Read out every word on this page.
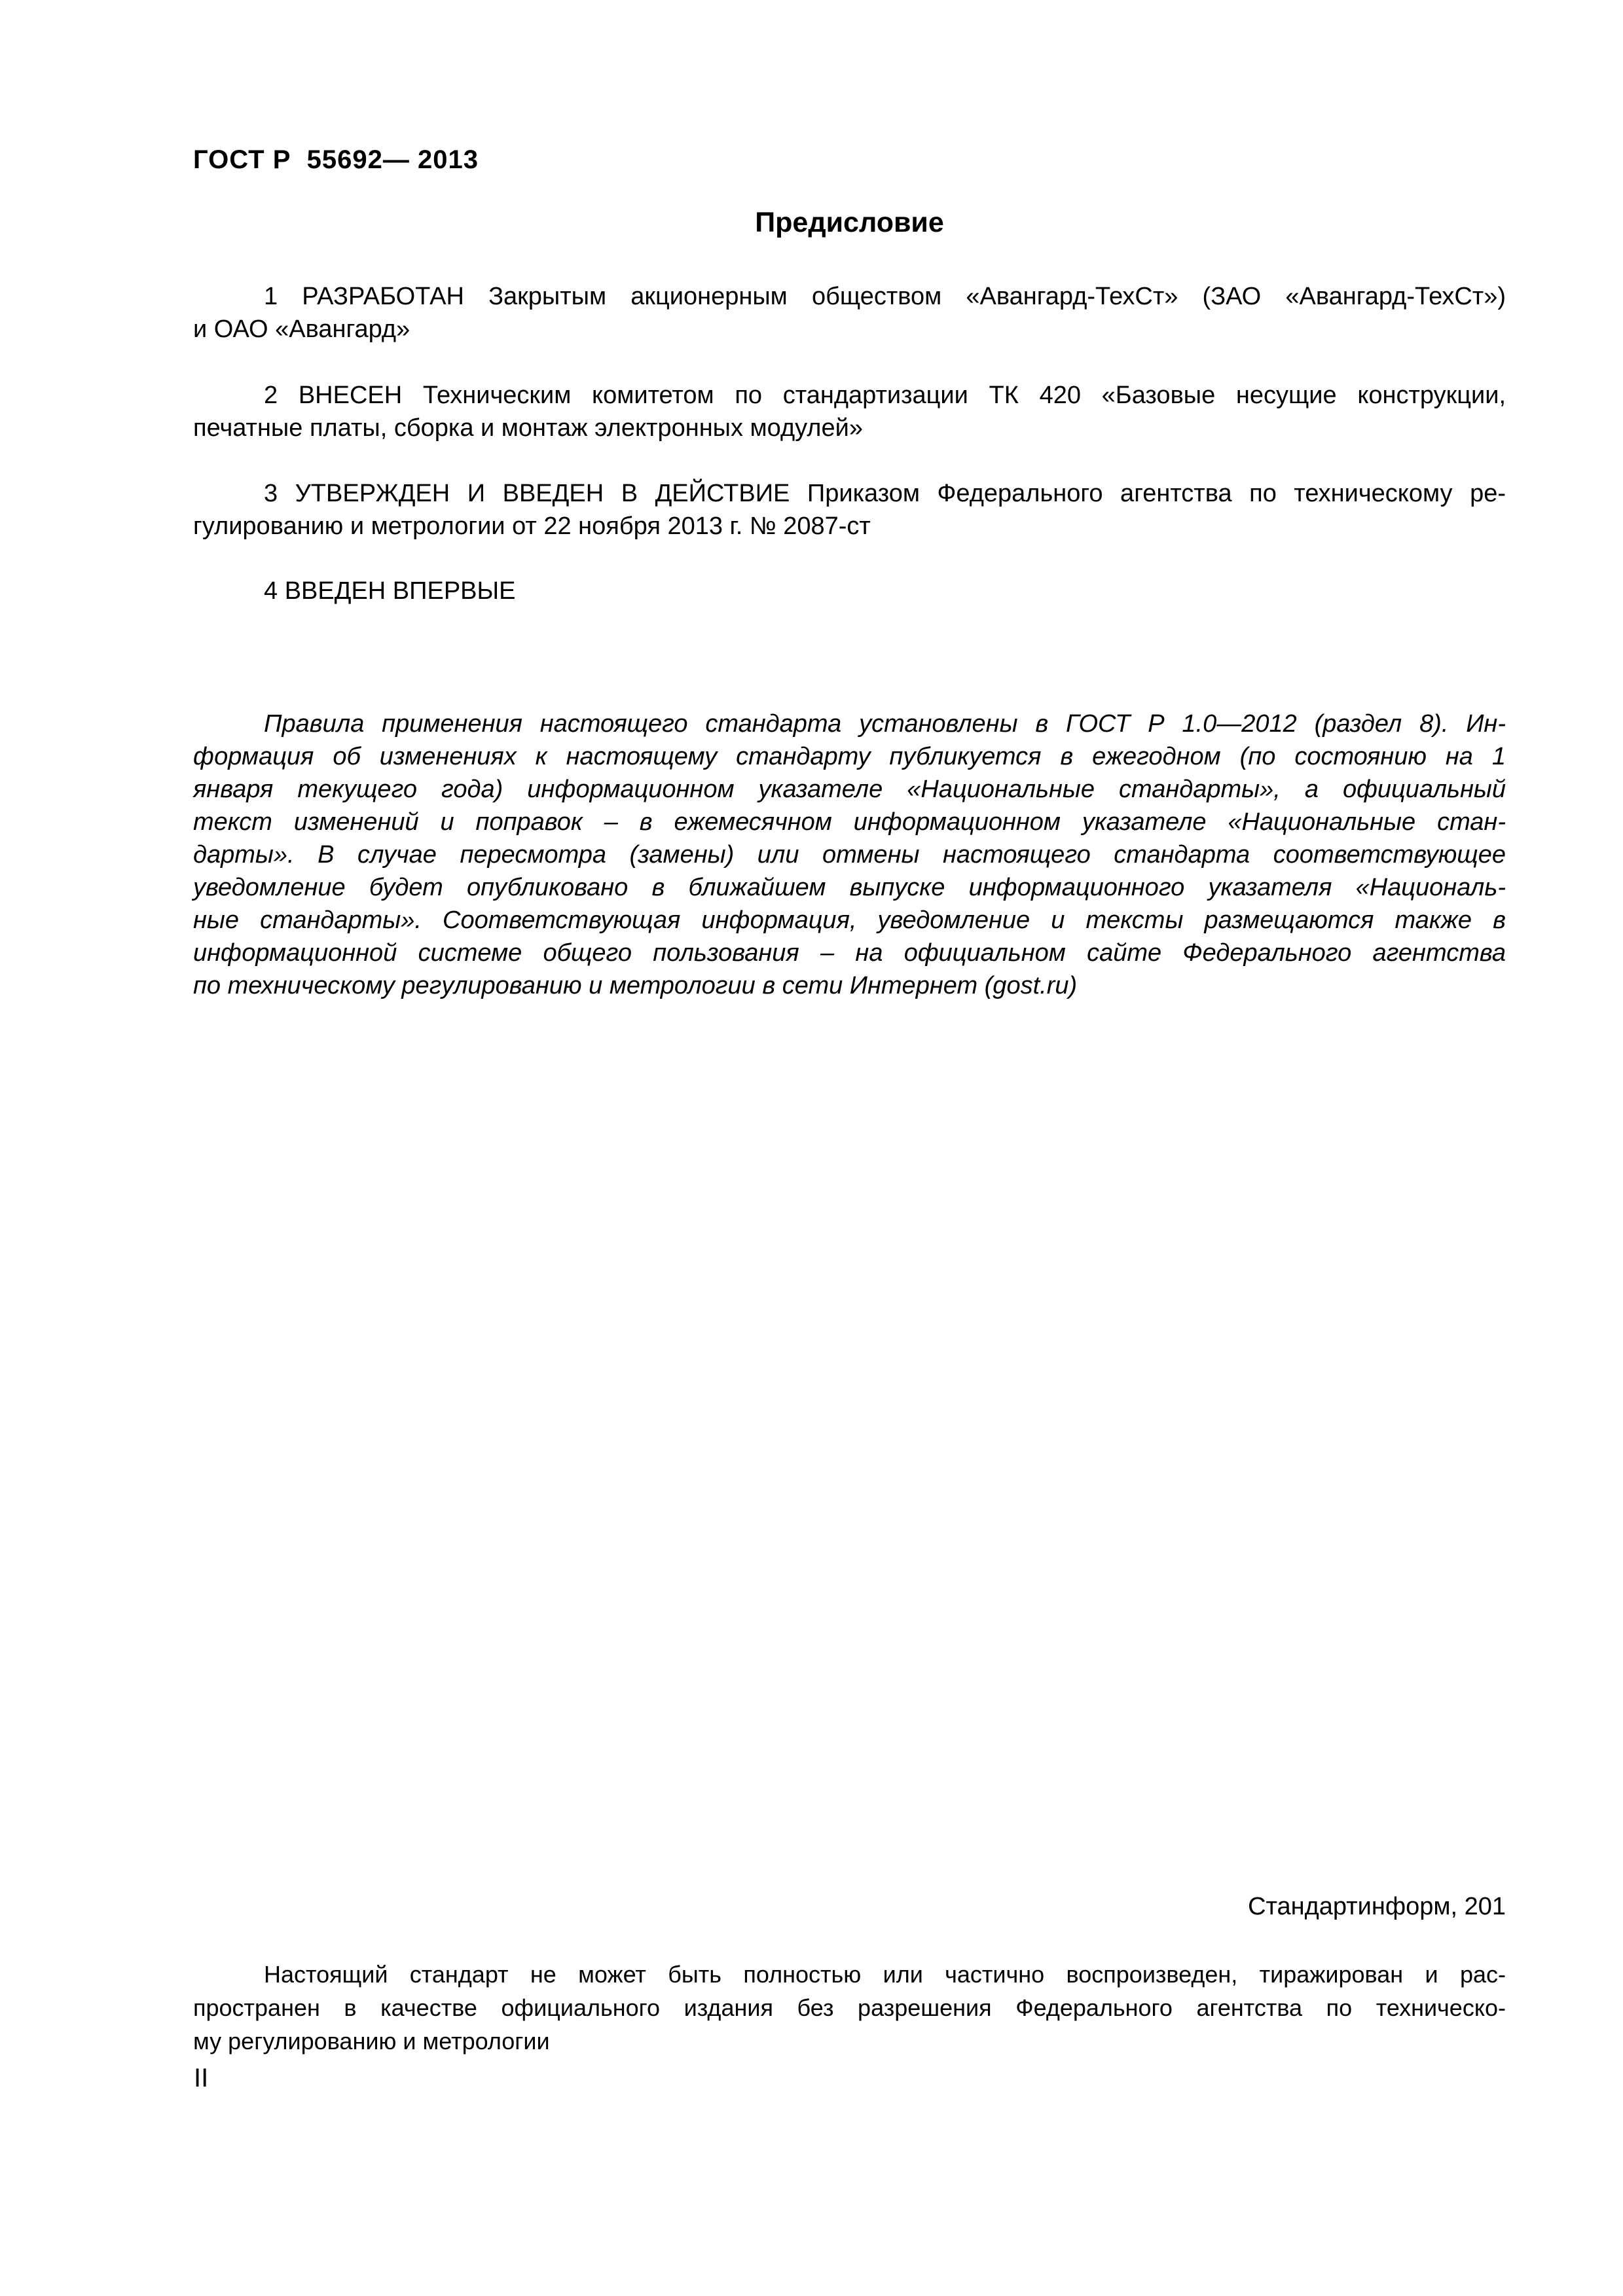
ГОСТ Р  55692— 2013
Предисловие
1 РАЗРАБОТАН Закрытым акционерным обществом «Авангард-ТехСт» (ЗАО «Авангард-ТехСт»)
и ОАО «Авангард»
2 ВНЕСЕН Техническим комитетом по стандартизации ТК 420 «Базовые несущие конструкции,
печатные платы, сборка и монтаж электронных модулей»
3 УТВЕРЖДЕН И ВВЕДЕН В ДЕЙСТВИЕ Приказом Федерального агентства по техническому ре-
гулированию и метрологии от 22 ноября 2013 г. № 2087-ст
4 ВВЕДЕН ВПЕРВЫЕ
Правила применения настоящего стандарта установлены в ГОСТ Р 1.0—2012 (раздел 8). Ин-
формация об изменениях к настоящему стандарту публикуется в ежегодном (по состоянию на 1
января текущего года) информационном указателе «Национальные стандарты», а официальный
текст изменений и поправок – в ежемесячном информационном указателе «Национальные стан-
дарты». В случае пересмотра (замены) или отмены настоящего стандарта соответствующее
уведомление будет опубликовано в ближайшем выпуске информационного указателя «Националь-
ные стандарты». Соответствующая информация, уведомление и тексты размещаются также в
информационной системе общего пользования – на официальном сайте Федерального агентства
по техническому регулированию и метрологии в сети Интернет (gost.ru)
Стандартинформ, 201
Настоящий стандарт не может быть полностью или частично воспроизведен, тиражирован и рас-
пространен в качестве официального издания без разрешения Федерального агентства по техническо-
му регулированию и метрологии
II
